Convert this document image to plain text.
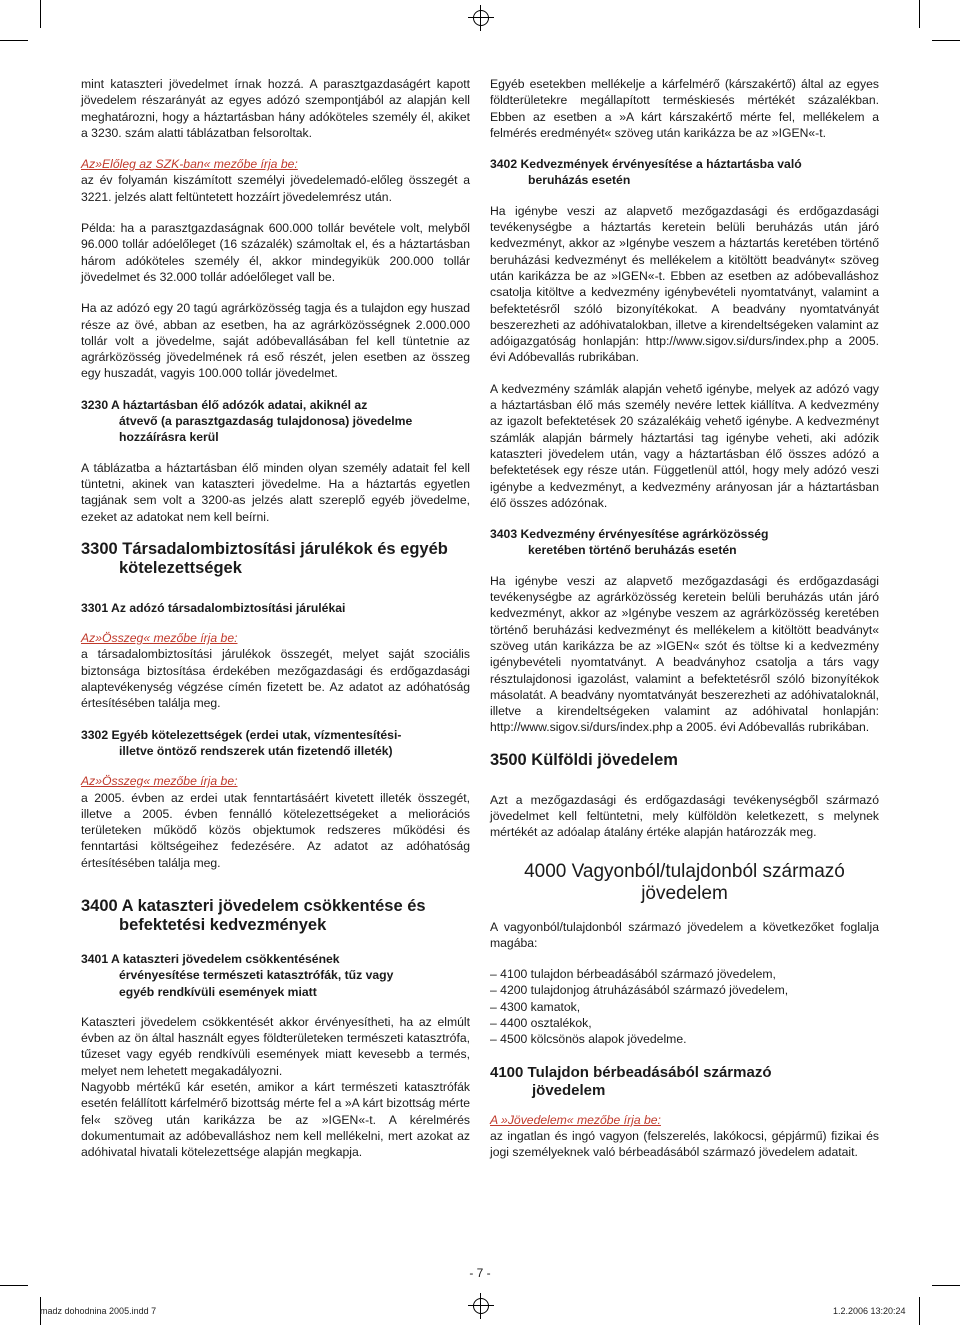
mint kataszteri jövedelmet írnak hozzá. A parasztgazdaságért kapott jövedelem részarányát az egyes adózó szempontjából az alapján kell meghatározni, hogy a háztartásban hány adóköteles személy él, akiket a 3230. szám alatti táblázatban felsoroltak.

Az»Előleg az SZK-ban« mezőbe írja be:

az év folyamán kiszámított személyi jövedelemadó-előleg összegét a 3221. jelzés alatt feltüntetett hozzáírt jövedelemrész után.

Példa: ha a parasztgazdaságnak 600.000 tollár bevétele volt, melyből 96.000 tollár adóelőleget (16 százalék) számoltak el, és a háztartásban három adóköteles személy él, akkor mindegyikük 200.000 tollár jövedelmet és 32.000 tollár adóelőleget vall be.

Ha az adózó egy 20 tagú agrárközösség tagja és a tulajdon egy huszad része az övé, abban az esetben, ha az agrárközösségnek 2.000.000 tollár volt a jövedelme, saját adóbevallásában fel kell tüntetnie az agrárközösség jövedelmének rá eső részét, jelen esetben az összeg egy huszadát, vagyis 100.000 tollár jövedelmet.

3230 A háztartásban élő adózók adatai, akiknél az
átvevő (a parasztgazdaság tulajdonosa) jövedelme
hozzáírásra kerül

A táblázatba a háztartásban élő minden olyan személy adatait fel kell tüntetni, akinek van kataszteri jövedelme. Ha a háztartás egyetlen tagjának sem volt a 3200-as jelzés alatt szereplő egyéb jövedelme, ezeket az adatokat nem kell beírni.

3300 Társadalombiztosítási járulékok és egyéb
kötelezettségek
3301 Az adózó társadalombiztosítási járulékai
Az»Összeg« mezőbe írja be:

a társadalombiztosítási járulékok összegét, melyet saját szociális biztonsága biztosítása érdekében mezőgazdasági és erdőgazdasági alaptevékenység végzése címén fizetett be. Az adatot az adóhatóság értesítésében találja meg.

3302 Egyéb kötelezettségek (erdei utak, vízmentesítési-
illetve öntöző rendszerek után fizetendő illeték)
Az»Összeg« mezőbe írja be:

a 2005. évben az erdei utak fenntartásáért kivetett illeték összegét, illetve a 2005. évben fennálló kötelezettségeket a meliorációs területeken működő közös objektumok redszeres működési és fenntartási költségeihez fedezésére. Az adatot az adóhatóság értesítésében találja meg.

3400 A kataszteri jövedelem csökkentése és
befektetési kedvezmények
3401 A kataszteri jövedelem csökkentésének
érvényesítése természeti katasztrófák, tűz vagy
egyéb rendkívüli események miatt

Kataszteri jövedelem csökkentését akkor érvényesítheti, ha az elmúlt évben az ön által használt egyes földterületeken természeti katasztrófa, tűzeset vagy egyéb rendkívüli események miatt kevesebb a termés, melyet nem lehetett megakadályozni.

Nagyobb mértékű kár esetén, amikor a kárt természeti katasztrófák esetén felállított kárfelmérő bizottság mérte fel a »A kárt bizottság mérte fel« szöveg után karikázza be az »IGEN«-t. A kérelmérés dokumentumait az adóbevalláshoz nem kell mellékelni, mert azokat az adóhivatal hivatali kötelezettsége alapján megkapja.

Egyéb esetekben mellékelje a kárfelmérő (kárszakértő) által az egyes földterületekre megállapított terméskiesés mértékét százalékban. Ebben az esetben a »A kárt kárszakértő mérte fel, mellékelem a felmérés eredményét« szöveg után karikázza be az »IGEN«-t.

3402 Kedvezmények érvényesítése a háztartásba való
beruházás esetén

Ha igénybe veszi az alapvető mezőgazdasági és erdőgazdasági tevékenységbe a háztartás keretein belüli beruházás után járó kedvezményt, akkor az »Igénybe veszem a háztartás keretében történő beruházási kedvezményt és mellékelem a kitöltött beadványt« szöveg után karikázza be az »IGEN«-t. Ebben az esetben az adóbevalláshoz csatolja kitöltve a kedvezmény igénybevételi nyomtatványt, valamint a befektetésről szóló bizonyítékokat. A beadvány nyomtatványát beszerezheti az adóhivatalokban, illetve a kirendeltségeken valamint az adóigazgatóság honlapján: http://www.sigov.si/durs/index.php a 2005. évi Adóbevallás rubrikában.

A kedvezmény számlák alapján vehető igénybe, melyek az adózó vagy a háztartásban élő más személy nevére lettek kiállítva. A kedvezmény az igazolt befektetések 20 százalékáig vehető igénybe. A kedvezményt számlák alapján bármely háztartási tag igénybe veheti, aki adózik kataszteri jövedelem után, vagy a háztartásban élő összes adózó a befektetések egy része után. Függetlenül attól, hogy mely adózó veszi igénybe a kedvezményt, a kedvezmény arányosan jár a háztartásban élő összes adózónak.

3403 Kedvezmény érvényesítése agrárközösség
keretében történő beruházás esetén

Ha igénybe veszi az alapvető mezőgazdasági és erdőgazdasági tevékenységbe az agrárközösség keretein belüli beruházás után járó kedvezményt, akkor az »Igénybe veszem az agrárközösség keretében történő beruházási kedvezményt és mellékelem a kitöltött beadványt« szöveg után karikázza be az »IGEN« szót és töltse ki a kedvezmény igénybevételi nyomtatványt. A beadványhoz csatolja a társ vagy résztulajdonosi igazolást, valamint a befektetésről szóló bizonyítékok másolatát. A beadvány nyomtatványát beszerezheti az adóhivataloknál, illetve a kirendeltségeken valamint az adóhivatal honlapján: http://www.sigov.si/durs/index.php a 2005. évi Adóbevallás rubrikában.

3500 Külföldi jövedelem

Azt a mezőgazdasági és erdőgazdasági tevékenységből származó jövedelmet kell feltüntetni, mely külföldön keletkezett, s melynek mértékét az adóalap átalány értéke alapján határozzák meg.

4000 Vagyonból/tulajdonból származó
jövedelem

A vagyonból/tulajdonból származó jövedelem a következőket foglalja magába:

– 4100 tulajdon bérbeadásából származó jövedelem,
– 4200 tulajdonjog átruházásából származó jövedelem,
– 4300 kamatok,
– 4400 osztalékok,
– 4500 kölcsönös alapok jövedelme.
4100 Tulajdon bérbeadásából származó
jövedelem
A »Jövedelem« mezőbe írja be:

az ingatlan és ingó vagyon (felszerelés, lakókocsi, gépjármű) fizikai és jogi személyeknek való bérbeadásából származó jövedelem adatait.

- 7 -
madz dohodnina 2005.indd 7	1.2.2006 13:20:24
